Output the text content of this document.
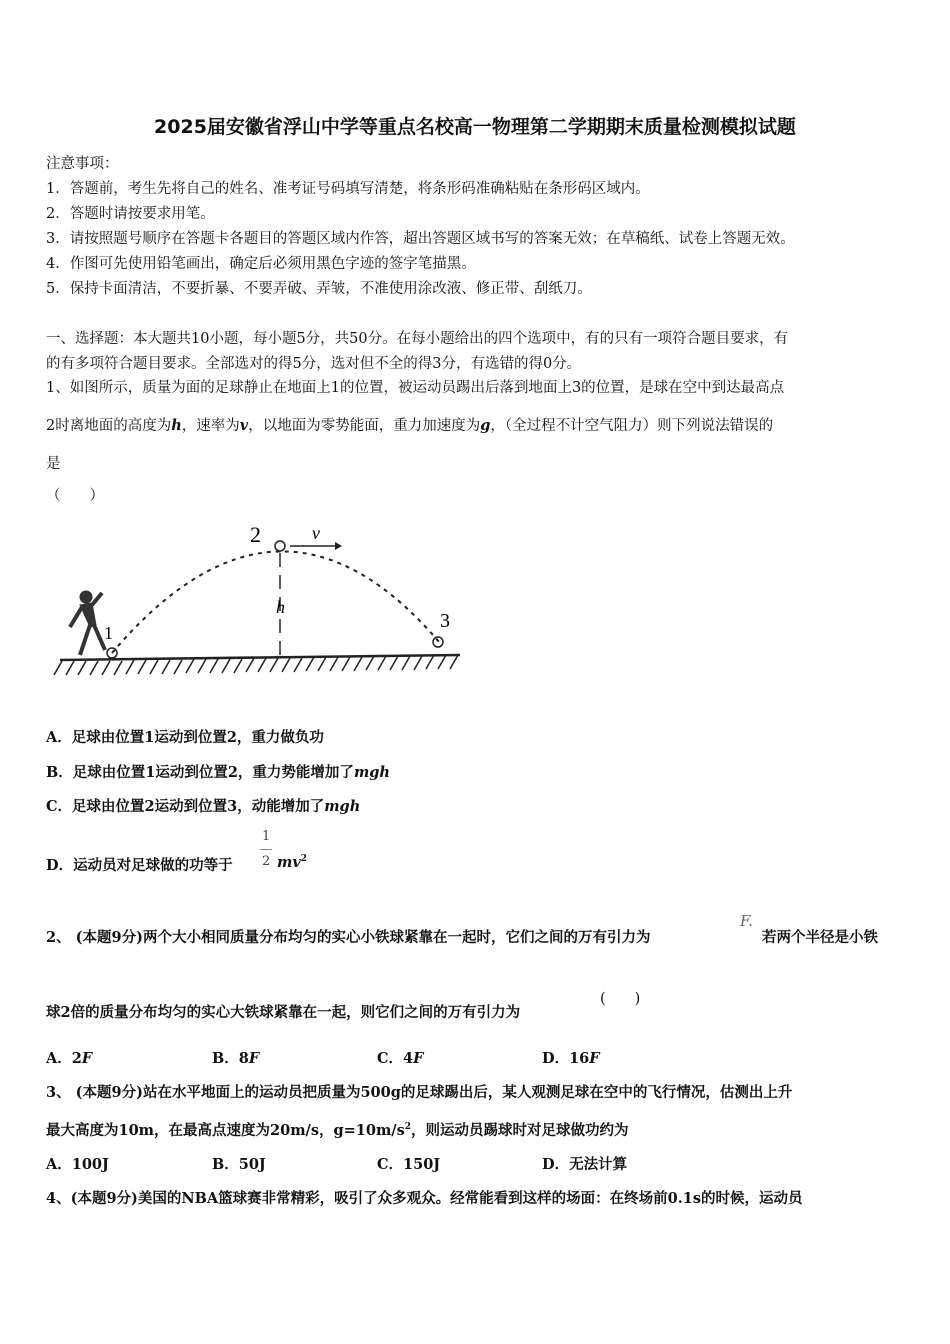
2025届安徽省浮山中学等重点名校高一物理第二学期期末质量检测模拟试题
注意事项：
1．答题前，考生先将自己的姓名、准考证号码填写清楚，将条形码准确粘贴在条形码区域内。
2．答题时请按要求用笔。
3．请按照题号顺序在答题卡各题目的答题区域内作答，超出答题区域书写的答案无效；在草稿纸、试卷上答题无效。
4．作图可先使用铅笔画出，确定后必须用黑色字迹的签字笔描黑。
5．保持卡面清洁，不要折暴、不要弄破、弄皱，不准使用涂改液、修正带、刮纸刀。
一、选择题：本大题共10小题，每小题5分，共50分。在每小题给出的四个选项中，有的只有一项符合题目要求，有
的有多项符合题目要求。全部选对的得5分，选对但不全的得3分，有选错的得0分。
1、如图所示，质量为面的足球静止在地面上1的位置，被运动员踢出后落到地面上3的位置，是球在空中到达最高点
2时离地面的高度为h，速率为v，以地面为零势能面，重力加速度为g，（全过程不计空气阻力）则下列说法错误的
是
（　　）
1
2	v
h
3
A．足球由位置1运动到位置2，重力做负功
B．足球由位置1运动到位置2，重力势能增加了mgh
C．足球由位置2运动到位置3，动能增加了mgh
D．运动员对足球做的功等于
1
2 $mv^2$
2、 (本题9分)两个大小相同质量分布均匀的实心小铁球紧靠在一起时，它们之间的万有引力为
F.
若两个半径是小铁
球2倍的质量分布均匀的实心大铁球紧靠在一起，则它们之间的万有引力为
(　　)
A．2F	B．8F	C．4F	D．16F
3、 (本题9分)站在水平地面上的运动员把质量为500g的足球踢出后，某人观测足球在空中的飞行情况，估测出上升
最大高度为10m，在最高点速度为20m/s，$g=10m/s^2$，则运动员踢球时对足球做功约为
A．100J	B．50J	C．150J	D．无法计算
4、(本题9分)美国的NBA篮球赛非常精彩，吸引了众多观众。经常能看到这样的场面：在终场前0.1s的时候，运动员
